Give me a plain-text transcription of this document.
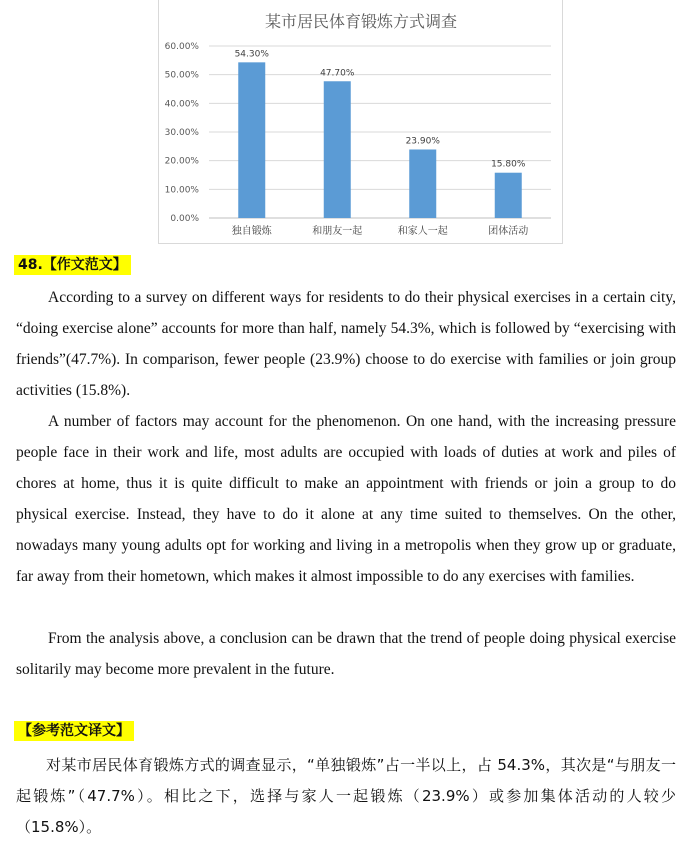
某市居民体育锻炼方式调查
0.00%
10.00%
20.00%
30.00%
40.00%
50.00%
60.00%
54.30%
独自锻炼
47.70%
和朋友一起
23.90%
和家人一起
15.80%
团体活动
48.【作文范文】

According to a survey on different ways for residents to do their physical exercises in a certain city, “doing exercise alone” accounts for more than half, namely 54.3%, which is followed by “exercising with friends”(47.7%). In comparison, fewer people (23.9%) choose to do exercise with families or join group activities (15.8%).

A number of factors may account for the phenomenon. On one hand, with the increasing pressure people face in their work and life, most adults are occupied with loads of duties at work and piles of chores at home, thus it is quite difficult to make an appointment with friends or join a group to do physical exercise. Instead, they have to do it alone at any time suited to themselves. On the other, nowadays many young adults opt for working and living in a metropolis when they grow up or graduate, far away from their hometown, which makes it almost impossible to do any exercises with families.

From the analysis above, a conclusion can be drawn that the trend of people doing physical exercise solitarily may become more prevalent in the future.

【参考范文译文】

对某市居民体育锻炼方式的调查显示，“单独锻炼”占一半以上，占 54.3%，其次是“与朋友一起锻炼”（47.7%）。相比之下，选择与家人一起锻炼（23.9%）或参加集体活动的人较少（15.8%）。
